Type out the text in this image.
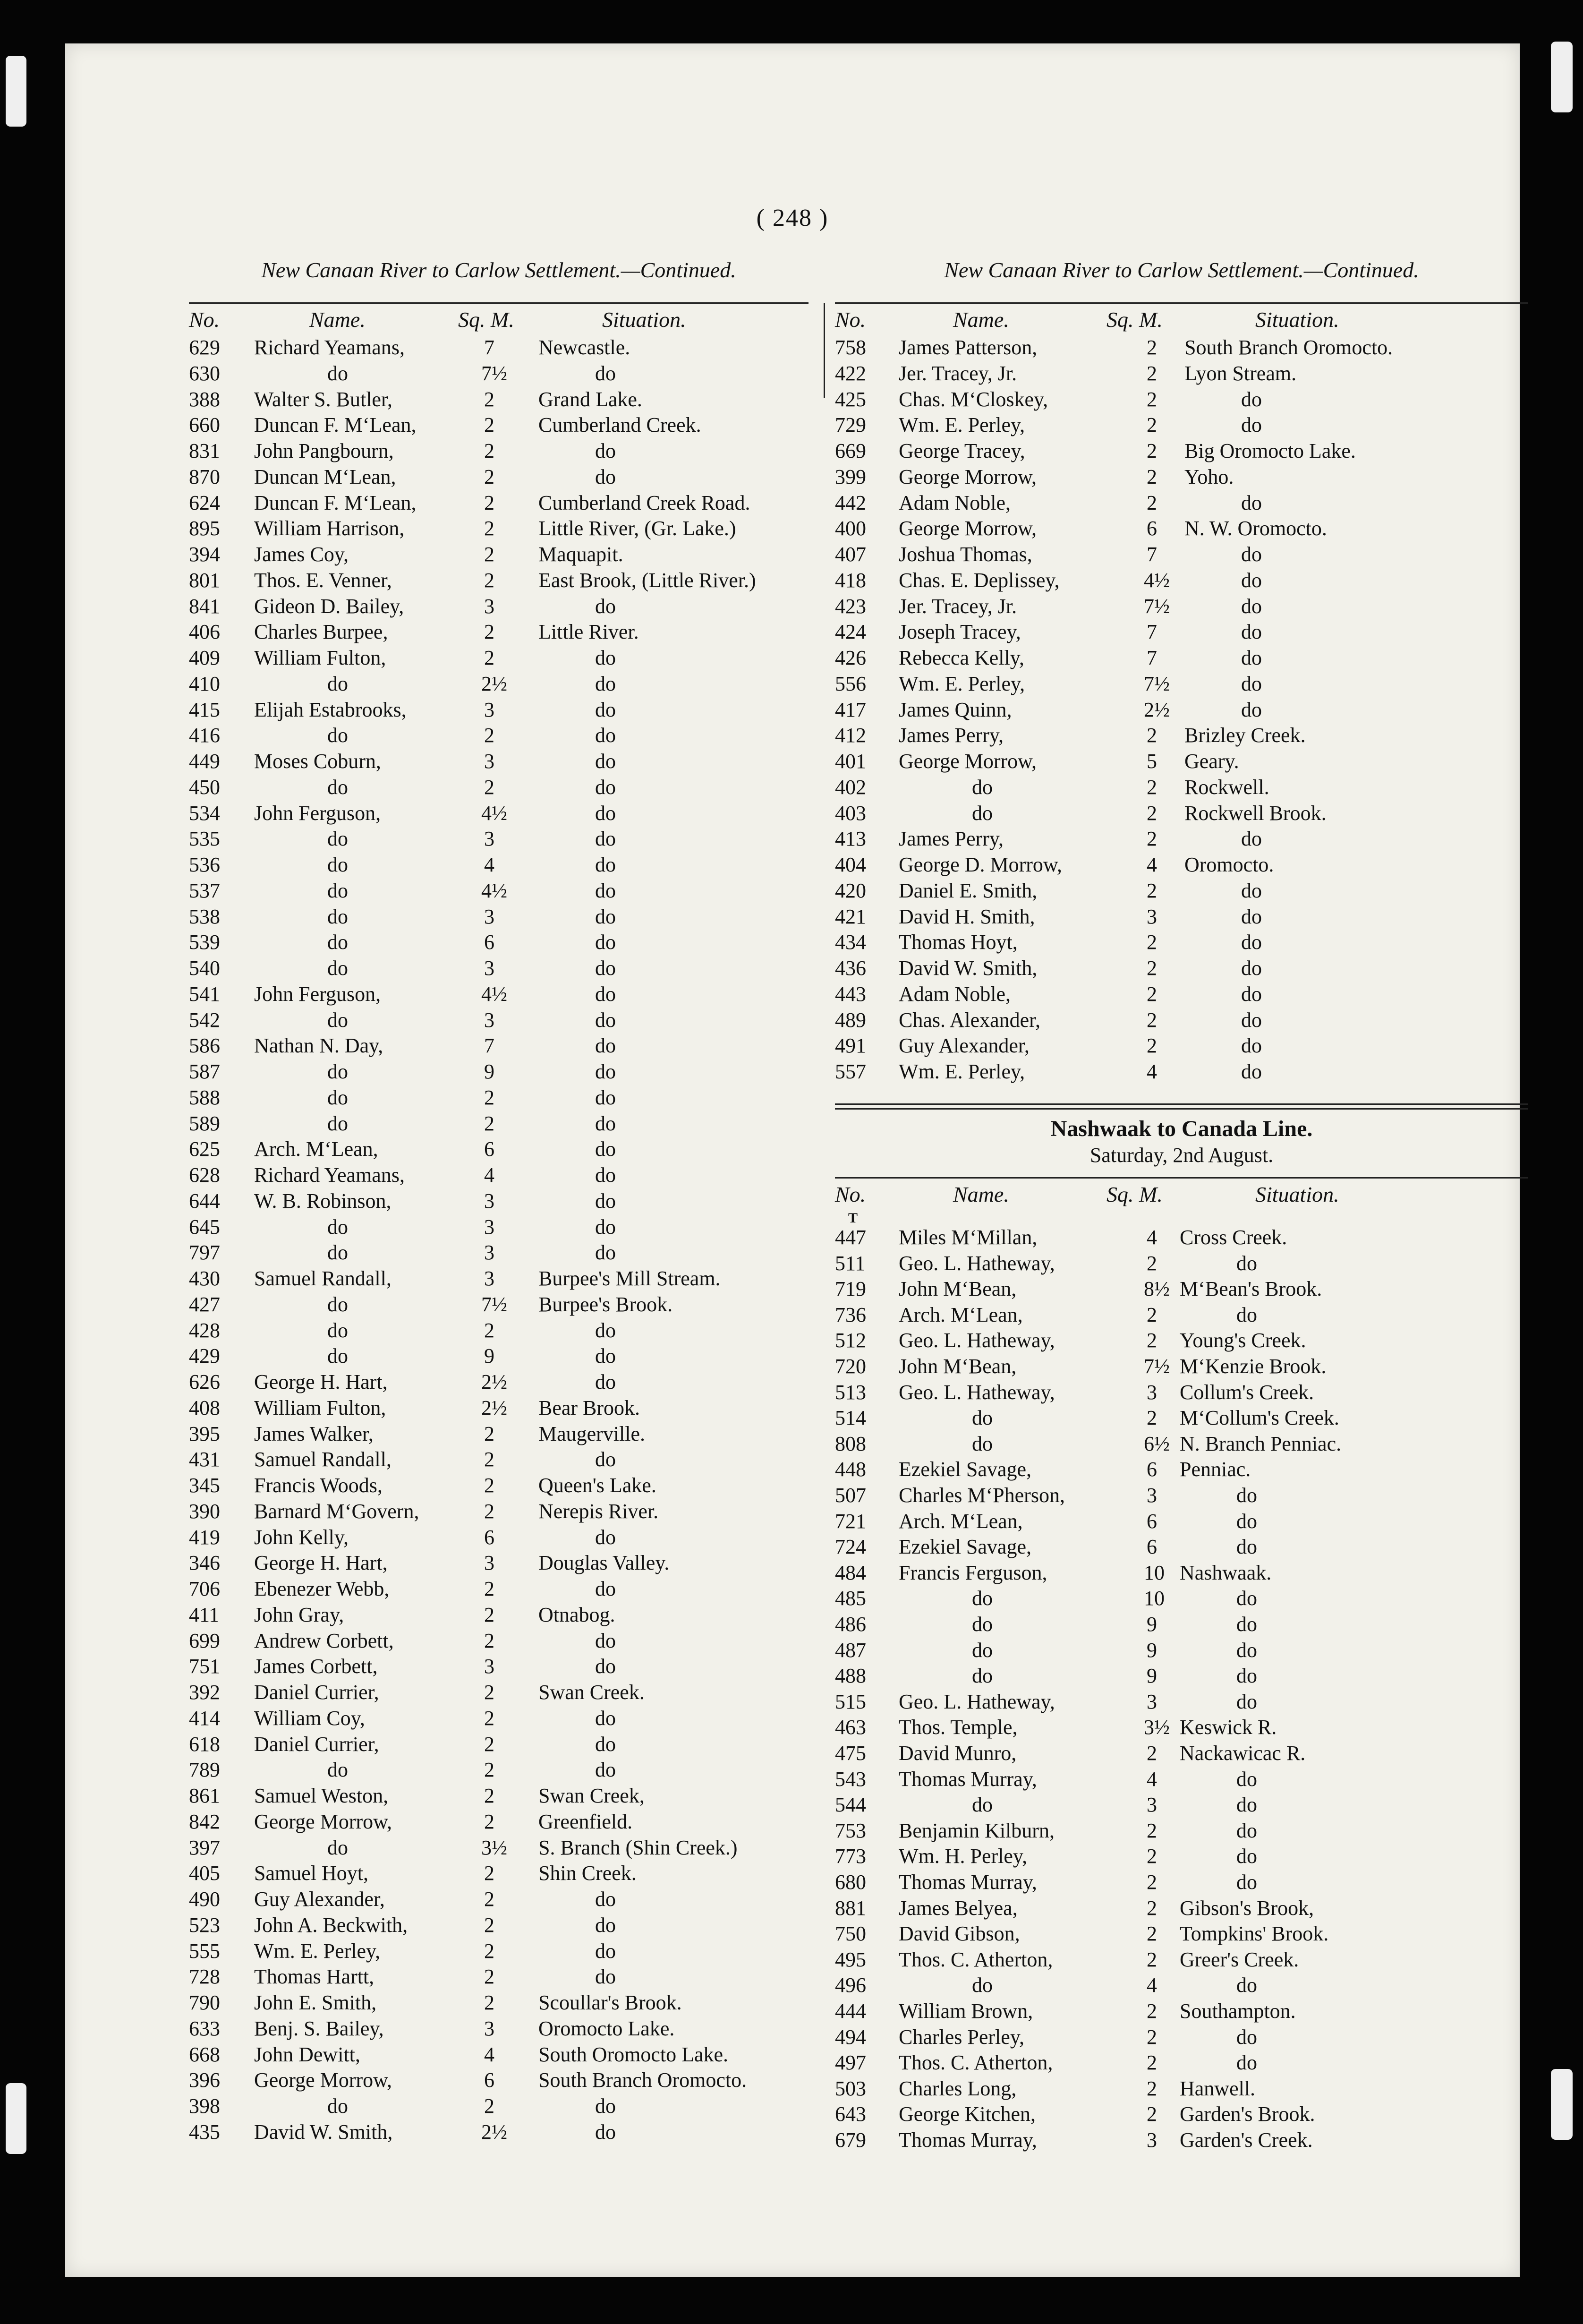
( 248 )
New Canaan River to Carlow Settlement.—Continued.
No.	Name.	Sq. M.	Situation.
629 Richard Yeamans,	7 Newcastle.
630	do	7½	do
388 Walter S. Butler,	2 Grand Lake.
660 Duncan F. M‘Lean,	2 Cumberland Creek.
831 John Pangbourn,	2	do
870 Duncan M‘Lean,	2	do
624 Duncan F. M‘Lean,	2 Cumberland Creek Road.
895 William Harrison,	2 Little River, (Gr. Lake.)
394 James Coy,	2 Maquapit.
801 Thos. E. Venner,	2 East Brook, (Little River.)
841 Gideon D. Bailey,	3	do
406 Charles Burpee,	2 Little River.
409 William Fulton,	2	do
410	do	2½	do
415 Elijah Estabrooks,	3	do
416	do	2	do
449 Moses Coburn,	3	do
450	do	2	do
534 John Ferguson,	4½	do
535	do	3	do
536	do	4	do
537	do	4½	do
538	do	3	do
539	do	6	do
540	do	3	do
541 John Ferguson,	4½	do
542	do	3	do
586 Nathan N. Day,	7	do
587	do	9	do
588	do	2	do
589	do	2	do
625 Arch. M‘Lean,	6	do
628 Richard Yeamans,	4	do
644 W. B. Robinson,	3	do
645	do	3	do
797	do	3	do
430 Samuel Randall,	3 Burpee's Mill Stream.
427	do	7½ Burpee's Brook.
428	do	2	do
429	do	9	do
626 George H. Hart,	2½	do
408 William Fulton,	2½ Bear Brook.
395 James Walker,	2 Maugerville.
431 Samuel Randall,	2	do
345 Francis Woods,	2 Queen's Lake.
390 Barnard M‘Govern,	2 Nerepis River.
419 John Kelly,	6	do
346 George H. Hart,	3 Douglas Valley.
706 Ebenezer Webb,	2	do
411 John Gray,	2 Otnabog.
699 Andrew Corbett,	2	do
751 James Corbett,	3	do
392 Daniel Currier,	2 Swan Creek.
414 William Coy,	2	do
618 Daniel Currier,	2	do
789	do	2	do
861 Samuel Weston,	2 Swan Creek,
842 George Morrow,	2 Greenfield.
397	do	3½ S. Branch (Shin Creek.)
405 Samuel Hoyt,	2 Shin Creek.
490 Guy Alexander,	2	do
523 John A. Beckwith,	2	do
555 Wm. E. Perley,	2	do
728 Thomas Hartt,	2	do
790 John E. Smith,	2 Scoullar's Brook.
633 Benj. S. Bailey,	3 Oromocto Lake.
668 John Dewitt,	4 South Oromocto Lake.
396 George Morrow,	6 South Branch Oromocto.
398	do	2	do
435 David W. Smith,	2½	do
New Canaan River to Carlow Settlement.—Continued.
No.	Name.	Sq. M.	Situation.
758 James Patterson,	2 South Branch Oromocto.
422 Jer. Tracey, Jr.	2 Lyon Stream.
425 Chas. M‘Closkey,	2	do
729 Wm. E. Perley,	2	do
669 George Tracey,	2 Big Oromocto Lake.
399 George Morrow,	2 Yoho.
442 Adam Noble,	2	do
400 George Morrow,	6 N. W. Oromocto.
407 Joshua Thomas,	7	do
418 Chas. E. Deplissey,	4½	do
423 Jer. Tracey, Jr.	7½	do
424 Joseph Tracey,	7	do
426 Rebecca Kelly,	7	do
556 Wm. E. Perley,	7½	do
417 James Quinn,	2½	do
412 James Perry,	2 Brizley Creek.
401 George Morrow,	5 Geary.
402	do	2 Rockwell.
403	do	2 Rockwell Brook.
413 James Perry,	2	do
404 George D. Morrow,	4 Oromocto.
420 Daniel E. Smith,	2	do
421 David H. Smith,	3	do
434 Thomas Hoyt,	2	do
436 David W. Smith,	2	do
443 Adam Noble,	2	do
489 Chas. Alexander,	2	do
491 Guy Alexander,	2	do
557 Wm. E. Perley,	4	do
Nashwaak to Canada Line.
Saturday, 2nd August.
No.	Name.	Sq. M.	Situation.
T
447 Miles M‘Millan,	4 Cross Creek.
511 Geo. L. Hatheway,	2	do
719 John M‘Bean,	8½ M‘Bean's Brook.
736 Arch. M‘Lean,	2	do
512 Geo. L. Hatheway,	2 Young's Creek.
720 John M‘Bean,	7½ M‘Kenzie Brook.
513 Geo. L. Hatheway,	3 Collum's Creek.
514	do	2 M‘Collum's Creek.
808	do	6½ N. Branch Penniac.
448 Ezekiel Savage,	6 Penniac.
507 Charles M‘Pherson,	3	do
721 Arch. M‘Lean,	6	do
724 Ezekiel Savage,	6	do
484 Francis Ferguson,	10 Nashwaak.
485	do	10	do
486	do	9	do
487	do	9	do
488	do	9	do
515 Geo. L. Hatheway,	3	do
463 Thos. Temple,	3½ Keswick R.
475 David Munro,	2 Nackawicac R.
543 Thomas Murray,	4	do
544	do	3	do
753 Benjamin Kilburn,	2	do
773 Wm. H. Perley,	2	do
680 Thomas Murray,	2	do
881 James Belyea,	2 Gibson's Brook,
750 David Gibson,	2 Tompkins' Brook.
495 Thos. C. Atherton,	2 Greer's Creek.
496	do	4	do
444 William Brown,	2 Southampton.
494 Charles Perley,	2	do
497 Thos. C. Atherton,	2	do
503 Charles Long,	2 Hanwell.
643 George Kitchen,	2 Garden's Brook.
679 Thomas Murray,	3 Garden's Creek.
